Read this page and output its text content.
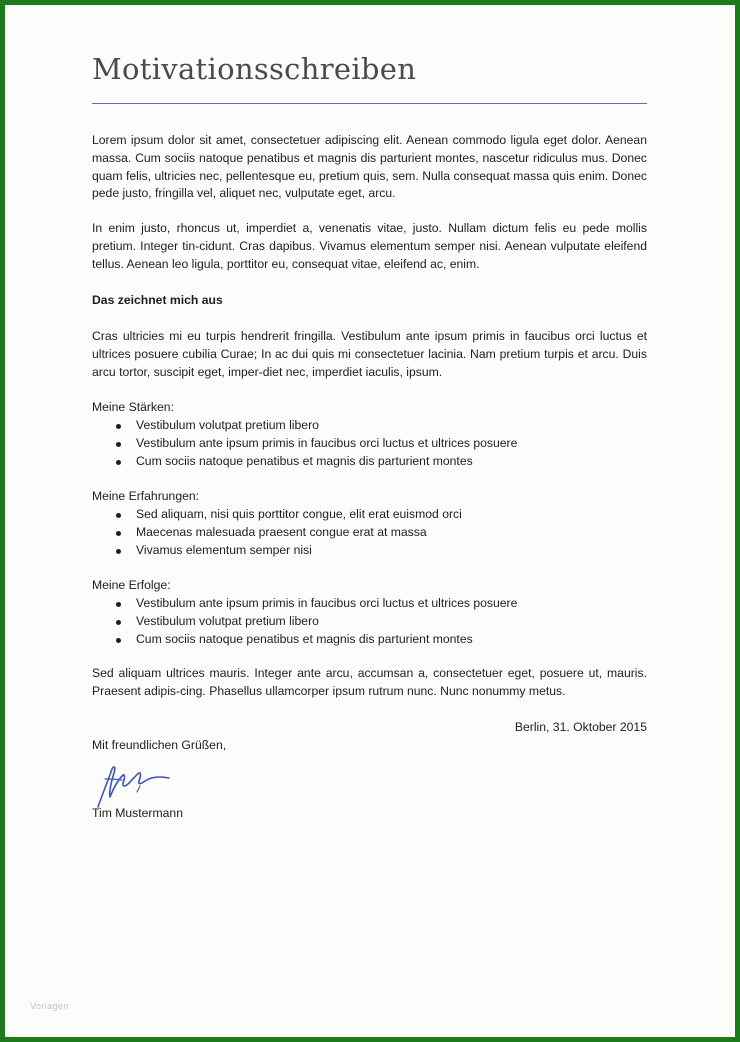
Motivationsschreiben

Lorem ipsum dolor sit amet, consectetuer adipiscing elit. Aenean commodo ligula eget dolor. Aenean massa. Cum sociis natoque penatibus et magnis dis parturient montes, nascetur ridiculus mus. Donec quam felis, ultricies nec, pellentesque eu, pretium quis, sem. Nulla consequat massa quis enim. Donec pede justo, fringilla vel, aliquet nec, vulputate eget, arcu.

In enim justo, rhoncus ut, imperdiet a, venenatis vitae, justo. Nullam dictum felis eu pede mollis pretium. Integer tin-cidunt. Cras dapibus. Vivamus elementum semper nisi. Aenean vulputate eleifend tellus. Aenean leo ligula, porttitor eu, consequat vitae, eleifend ac, enim.

Das zeichnet mich aus

Cras ultricies mi eu turpis hendrerit fringilla. Vestibulum ante ipsum primis in faucibus orci luctus et ultrices posuere cubilia Curae; In ac dui quis mi consectetuer lacinia. Nam pretium turpis et arcu. Duis arcu tortor, suscipit eget, imper-diet nec, imperdiet iaculis, ipsum.

Meine Stärken:

Vestibulum volutpat pretium libero
Vestibulum ante ipsum primis in faucibus orci luctus et ultrices posuere
Cum sociis natoque penatibus et magnis dis parturient montes

Meine Erfahrungen:

Sed aliquam, nisi quis porttitor congue, elit erat euismod orci
Maecenas malesuada praesent congue erat at massa
Vivamus elementum semper nisi

Meine Erfolge:

Vestibulum ante ipsum primis in faucibus orci luctus et ultrices posuere
Vestibulum volutpat pretium libero
Cum sociis natoque penatibus et magnis dis parturient montes

Sed aliquam ultrices mauris. Integer ante arcu, accumsan a, consectetuer eget, posuere ut, mauris. Praesent adipis-cing. Phasellus ullamcorper ipsum rutrum nunc. Nunc nonummy metus.

Berlin, 31. Oktober 2015

Mit freundlichen Grüßen,

Tim Mustermann

Vorlagen
